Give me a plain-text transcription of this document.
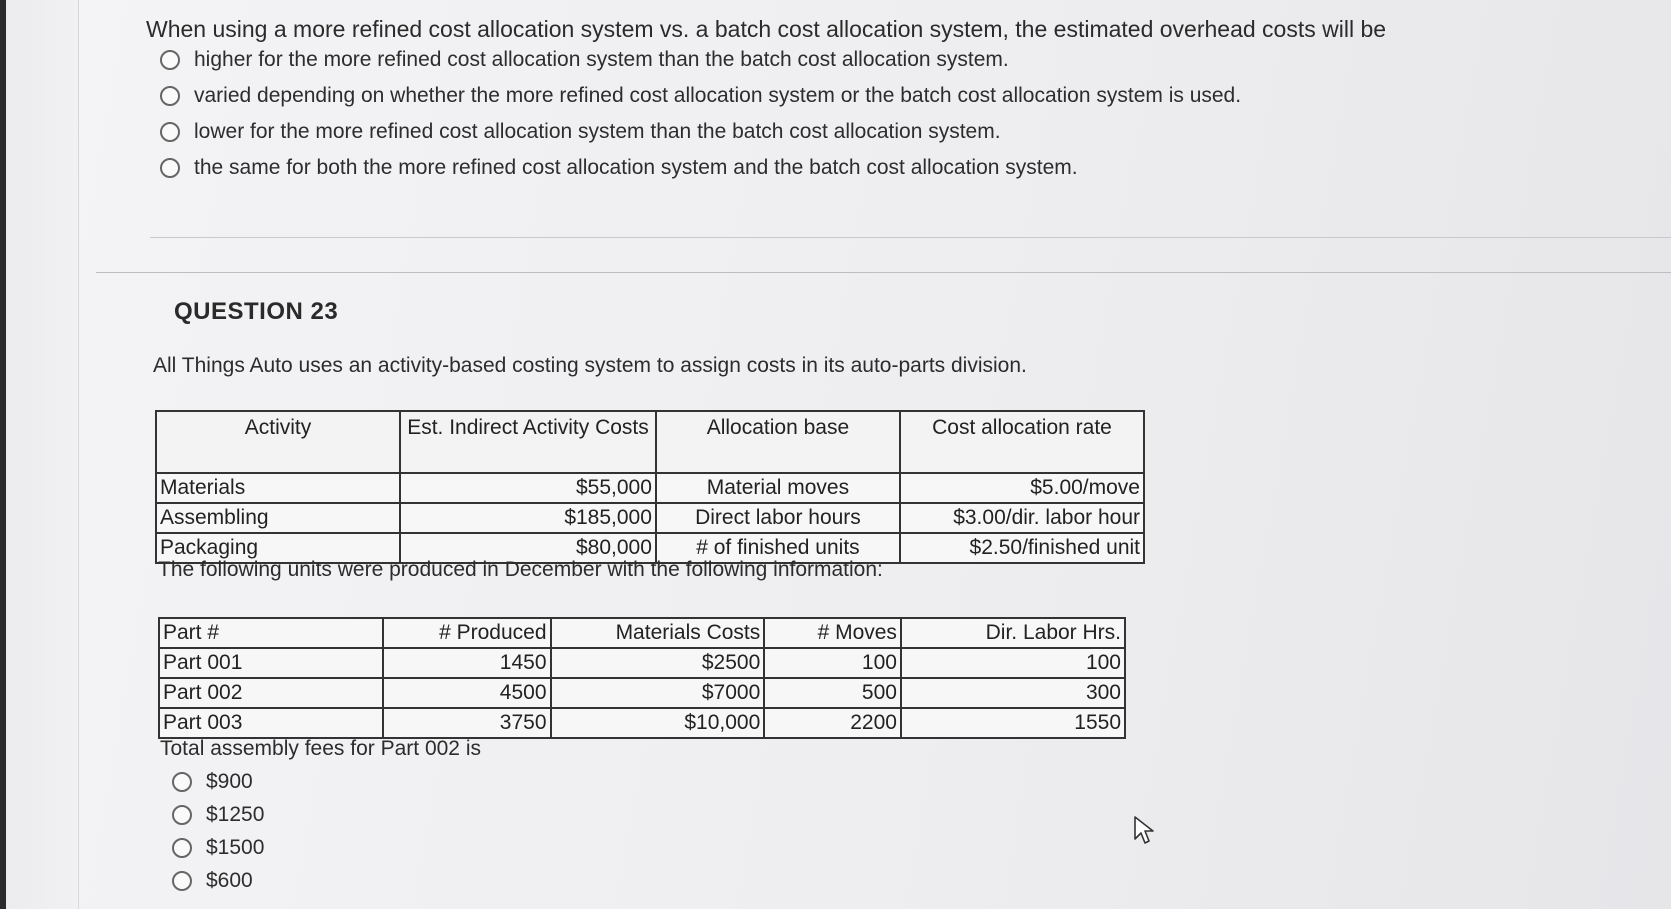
When using a more refined cost allocation system vs. a batch cost allocation system, the estimated overhead costs will be
higher for the more refined cost allocation system than the batch cost allocation system.
varied depending on whether the more refined cost allocation system or the batch cost allocation system is used.
lower for the more refined cost allocation system than the batch cost allocation system.
the same for both the more refined cost allocation system and the batch cost allocation system.
QUESTION 23
All Things Auto uses an activity-based costing system to assign costs in its auto-parts division.
Activity	Est. Indirect Activity Costs	Allocation base	Cost allocation rate
Materials	$55,000	Material moves	$5.00/move
Assembling	$185,000	Direct labor hours	$3.00/dir. labor hour
Packaging	$80,000	# of finished units	$2.50/finished unit
The following units were produced in December with the following information:
Part #	# Produced	Materials Costs	# Moves	Dir. Labor Hrs.
Part 001	1450	$2500	100	100
Part 002	4500	$7000	500	300
Part 003	3750	$10,000	2200	1550
Total assembly fees for Part 002 is
$900
$1250
$1500
$600
